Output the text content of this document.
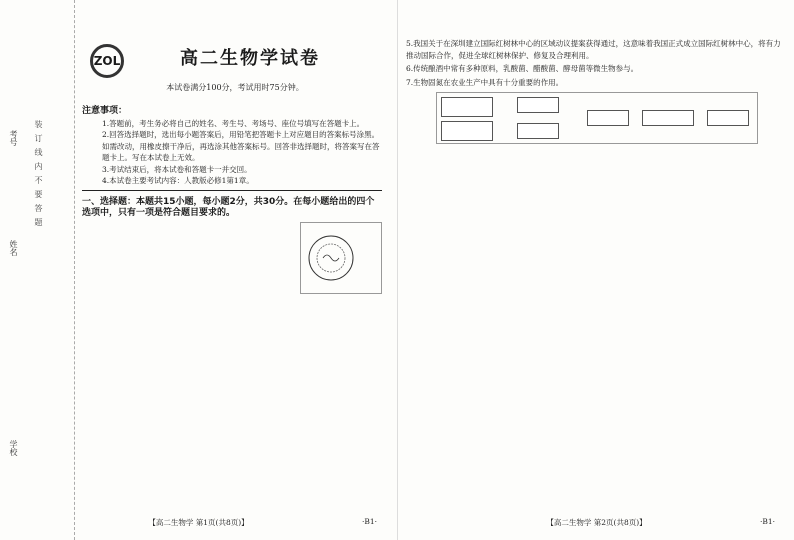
考号
姓名
学校
装订线内不要答题
ZOL	高二生物学试卷
本试卷满分100分，考试用时75分钟。
注意事项：
1.答题前，考生务必将自己的姓名、考生号、考场号、座位号填写在答题卡上。
2.回答选择题时，选出每小题答案后，用铅笔把答题卡上对应题目的答案标号涂黑。如需改动，用橡皮擦干净后，再选涂其他答案标号。回答非选择题时，将答案写在答题卡上。写在本试卷上无效。
3.考试结束后，将本试卷和答题卡一并交回。
4.本试卷主要考试内容：人教版必修1第1章。
一、选择题：本题共15小题，每小题2分，共30分。在每小题给出的四个选项中，只有一项是符合题目要求的。
【高二生物学 第1页(共8页)】	·B1·
5.我国关于在深圳建立国际红树林中心的区域动议提案获得通过，这意味着我国正式成立国际红树林中心，将有力推动国际合作，促进全球红树林保护、修复及合理利用。
6.传统酿酒中常有多种原料，乳酸菌、醋酸菌、酵母菌等微生物参与。
7.生物固氮在农业生产中具有十分重要的作用。
【高二生物学 第2页(共8页)】	·B1·
